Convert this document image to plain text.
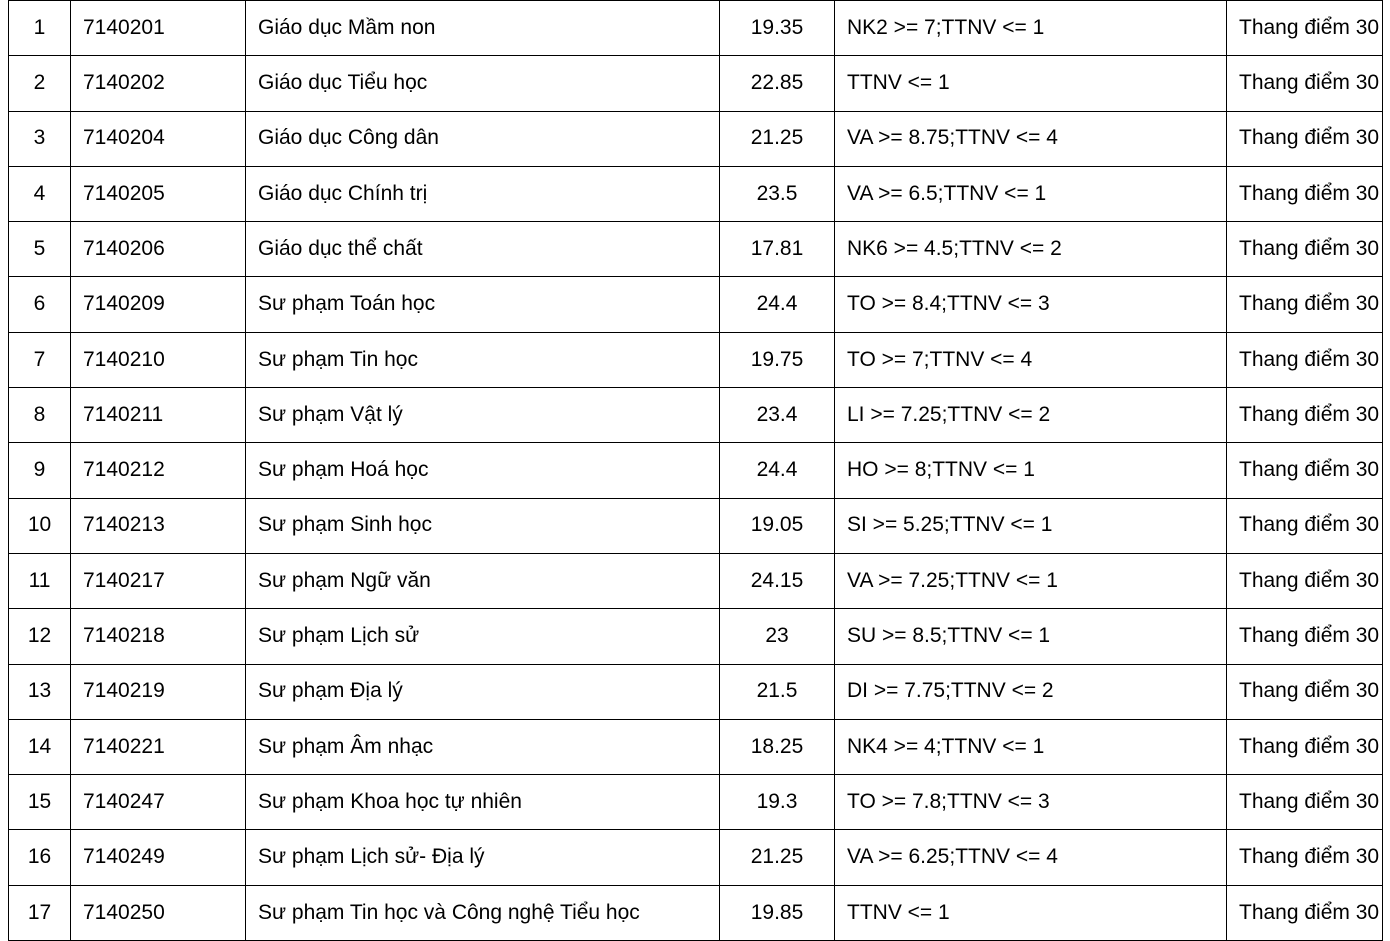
1	7140201	Giáo dục Mầm non	19.35	NK2 >= 7;TTNV <= 1	Thang điểm 30
2	7140202	Giáo dục Tiểu học	22.85	TTNV <= 1	Thang điểm 30
3	7140204	Giáo dục Công dân	21.25	VA >= 8.75;TTNV <= 4	Thang điểm 30
4	7140205	Giáo dục Chính trị	23.5	VA >= 6.5;TTNV <= 1	Thang điểm 30
5	7140206	Giáo dục thể chất	17.81	NK6 >= 4.5;TTNV <= 2	Thang điểm 30
6	7140209	Sư phạm Toán học	24.4	TO >= 8.4;TTNV <= 3	Thang điểm 30
7	7140210	Sư phạm Tin học	19.75	TO >= 7;TTNV <= 4	Thang điểm 30
8	7140211	Sư phạm Vật lý	23.4	LI >= 7.25;TTNV <= 2	Thang điểm 30
9	7140212	Sư phạm Hoá học	24.4	HO >= 8;TTNV <= 1	Thang điểm 30
10	7140213	Sư phạm Sinh học	19.05	SI >= 5.25;TTNV <= 1	Thang điểm 30
11	7140217	Sư phạm Ngữ văn	24.15	VA >= 7.25;TTNV <= 1	Thang điểm 30
12	7140218	Sư phạm Lịch sử	23	SU >= 8.5;TTNV <= 1	Thang điểm 30
13	7140219	Sư phạm Địa lý	21.5	DI >= 7.75;TTNV <= 2	Thang điểm 30
14	7140221	Sư phạm Âm nhạc	18.25	NK4 >= 4;TTNV <= 1	Thang điểm 30
15	7140247	Sư phạm Khoa học tự nhiên	19.3	TO >= 7.8;TTNV <= 3	Thang điểm 30
16	7140249	Sư phạm Lịch sử- Địa lý	21.25	VA >= 6.25;TTNV <= 4	Thang điểm 30
17	7140250	Sư phạm Tin học và Công nghệ Tiểu học	19.85	TTNV <= 1	Thang điểm 30
